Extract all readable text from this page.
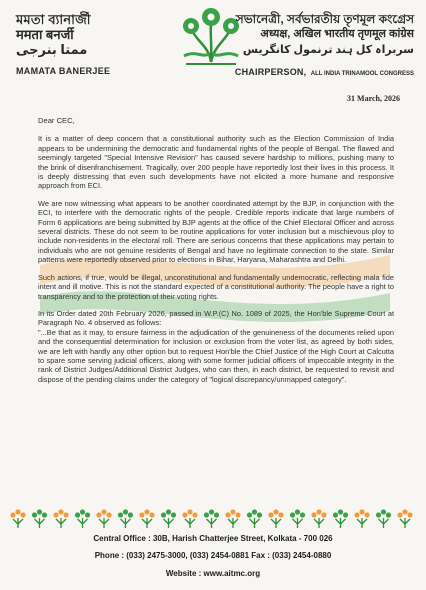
মমতা ব্যানার্জী
ममता बनर्जी
ممتا بنرجی
MAMATA BANERJEE
সভানেত্রী, সর্বভারতীয় তৃণমূল কংগ্রেস
अध्यक्ष, अखिल भारतीय तृणमूल कांग्रेस
سربراہ کل ہند ترنمول کانگریس
CHAIRPERSON, ALL INDIA TRINAMOOL CONGRESS
31 March, 2026

Dear CEC,

It is a matter of deep concern that a constitutional authority such as the Election Commission of India appears to be undermining the democratic and fundamental rights of the people of Bengal. The flawed and seemingly targeted "Special Intensive Revision" has caused severe hardship to millions, pushing many to the brink of disenfranchisement. Tragically, over 200 people have reportedly lost their lives in this process. It is deeply distressing that even such developments have not elicited a more humane and responsive approach from ECI.

We are now witnessing what appears to be another coordinated attempt by the BJP, in conjunction with the ECI, to interfere with the democratic rights of the people. Credible reports indicate that large numbers of Form 6 applications are being submitted by BJP agents at the office of the Chief Electoral Officer and across several districts. These do not seem to be routine applications for voter inclusion but a mischievous ploy to include non-residents in the electoral roll. There are serious concerns that these applications may pertain to individuals who are not genuine residents of Bengal and have no legitimate connection to the state. Similar patterns were reportedly observed prior to elections in Bihar, Haryana, Maharashtra and Delhi.

Such actions, if true, would be illegal, unconstitutional and fundamentally undemocratic, reflecting mala fide intent and ill motive. This is not the standard expected of a constitutional authority. The people have a right to transparency and to the protection of their voting rights.

In its Order dated 20th February 2026, passed in W.P.(C) No. 1089 of 2025, the Hon'ble Supreme Court at Paragraph No. 4 observed as follows:

"...Be that as it may, to ensure fairness in the adjudication of the genuineness of the documents relied upon and the consequential determination for inclusion or exclusion from the voter list, as agreed by both sides, we are left with hardly any other option but to request Hon'ble the Chief Justice of the High Court at Calcutta to spare some serving judicial officers, along with some former judicial officers of impeccable integrity in the rank of District Judges/Additional District Judges, who can then, in each district, be requested to revisit and dispose of the pending claims under the category of "logical discrepancy/unmapped category".

Central Office : 30B, Harish Chatterjee Street, Kolkata - 700 026
Phone : (033) 2475-3000, (033) 2454-0881 Fax : (033) 2454-0880
Website : www.aitmc.org
